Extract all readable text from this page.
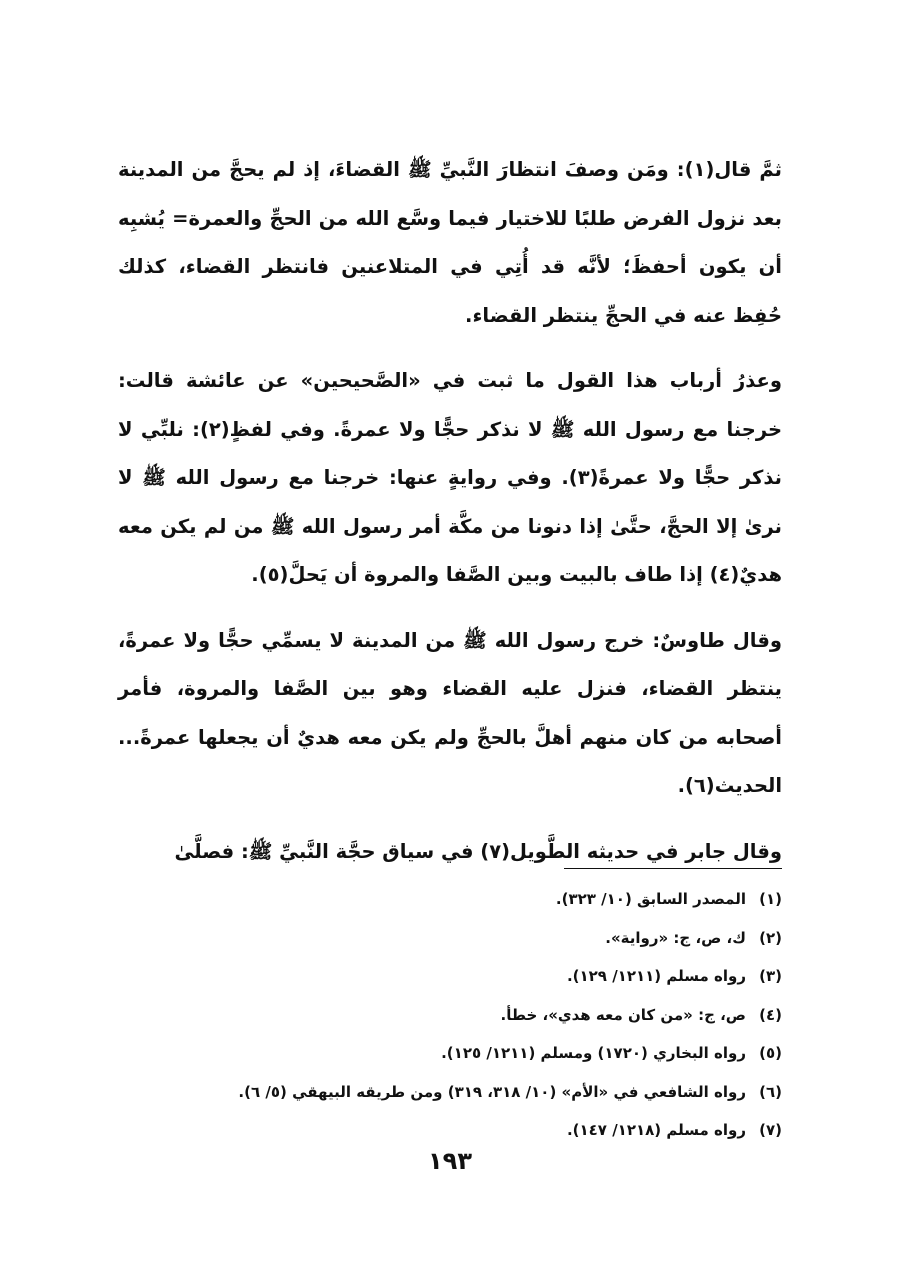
ثمَّ قال(١): ومَن وصفَ انتظارَ النَّبيِّ ﷺ القضاءَ، إذ لم يحجَّ من المدينة بعد نزول الفرض طلبًا للاختيار فيما وسَّع الله من الحجِّ والعمرة= يُشبِه أن يكون أحفظَ؛ لأنَّه قد أُتِي في المتلاعنين فانتظر القضاء، كذلك حُفِظ عنه في الحجِّ ينتظر القضاء.

وعذرُ أرباب هذا القول ما ثبت في «الصَّحيحين» عن عائشة قالت: خرجنا مع رسول الله ﷺ لا نذكر حجًّا ولا عمرةً. وفي لفظٍ(٢): نلبِّي لا نذكر حجًّا ولا عمرةً(٣). وفي روايةٍ عنها: خرجنا مع رسول الله ﷺ لا نرىٰ إلا الحجَّ، حتَّىٰ إذا دنونا من مكَّة أمر رسول الله ﷺ من لم يكن معه هديٌ(٤) إذا طاف بالبيت وبين الصَّفا والمروة أن يَحلَّ(٥).

وقال طاوسٌ: خرج رسول الله ﷺ من المدينة لا يسمِّي حجًّا ولا عمرةً، ينتظر القضاء، فنزل عليه القضاء وهو بين الصَّفا والمروة، فأمر أصحابه من كان منهم أهلَّ بالحجِّ ولم يكن معه هديٌ أن يجعلها عمرةً... الحديث(٦).

وقال جابر في حديثه الطَّويل(٧) في سياق حجَّة النَّبيِّ ﷺ: فصلَّىٰ

(١)المصدر السابق (١٠/ ٣٢٣).
(٢)ك، ص، ج: «رواية».
(٣)رواه مسلم (١٢١١/ ١٢٩).
(٤)ص، ج: «من كان معه هدي»، خطأ.
(٥)رواه البخاري (١٧٢٠) ومسلم (١٢١١/ ١٢٥).
(٦)رواه الشافعي في «الأم» (١٠/ ٣١٨، ٣١٩) ومن طريقه البيهقي (٥/ ٦).
(٧)رواه مسلم (١٢١٨/ ١٤٧).
١٩٣
